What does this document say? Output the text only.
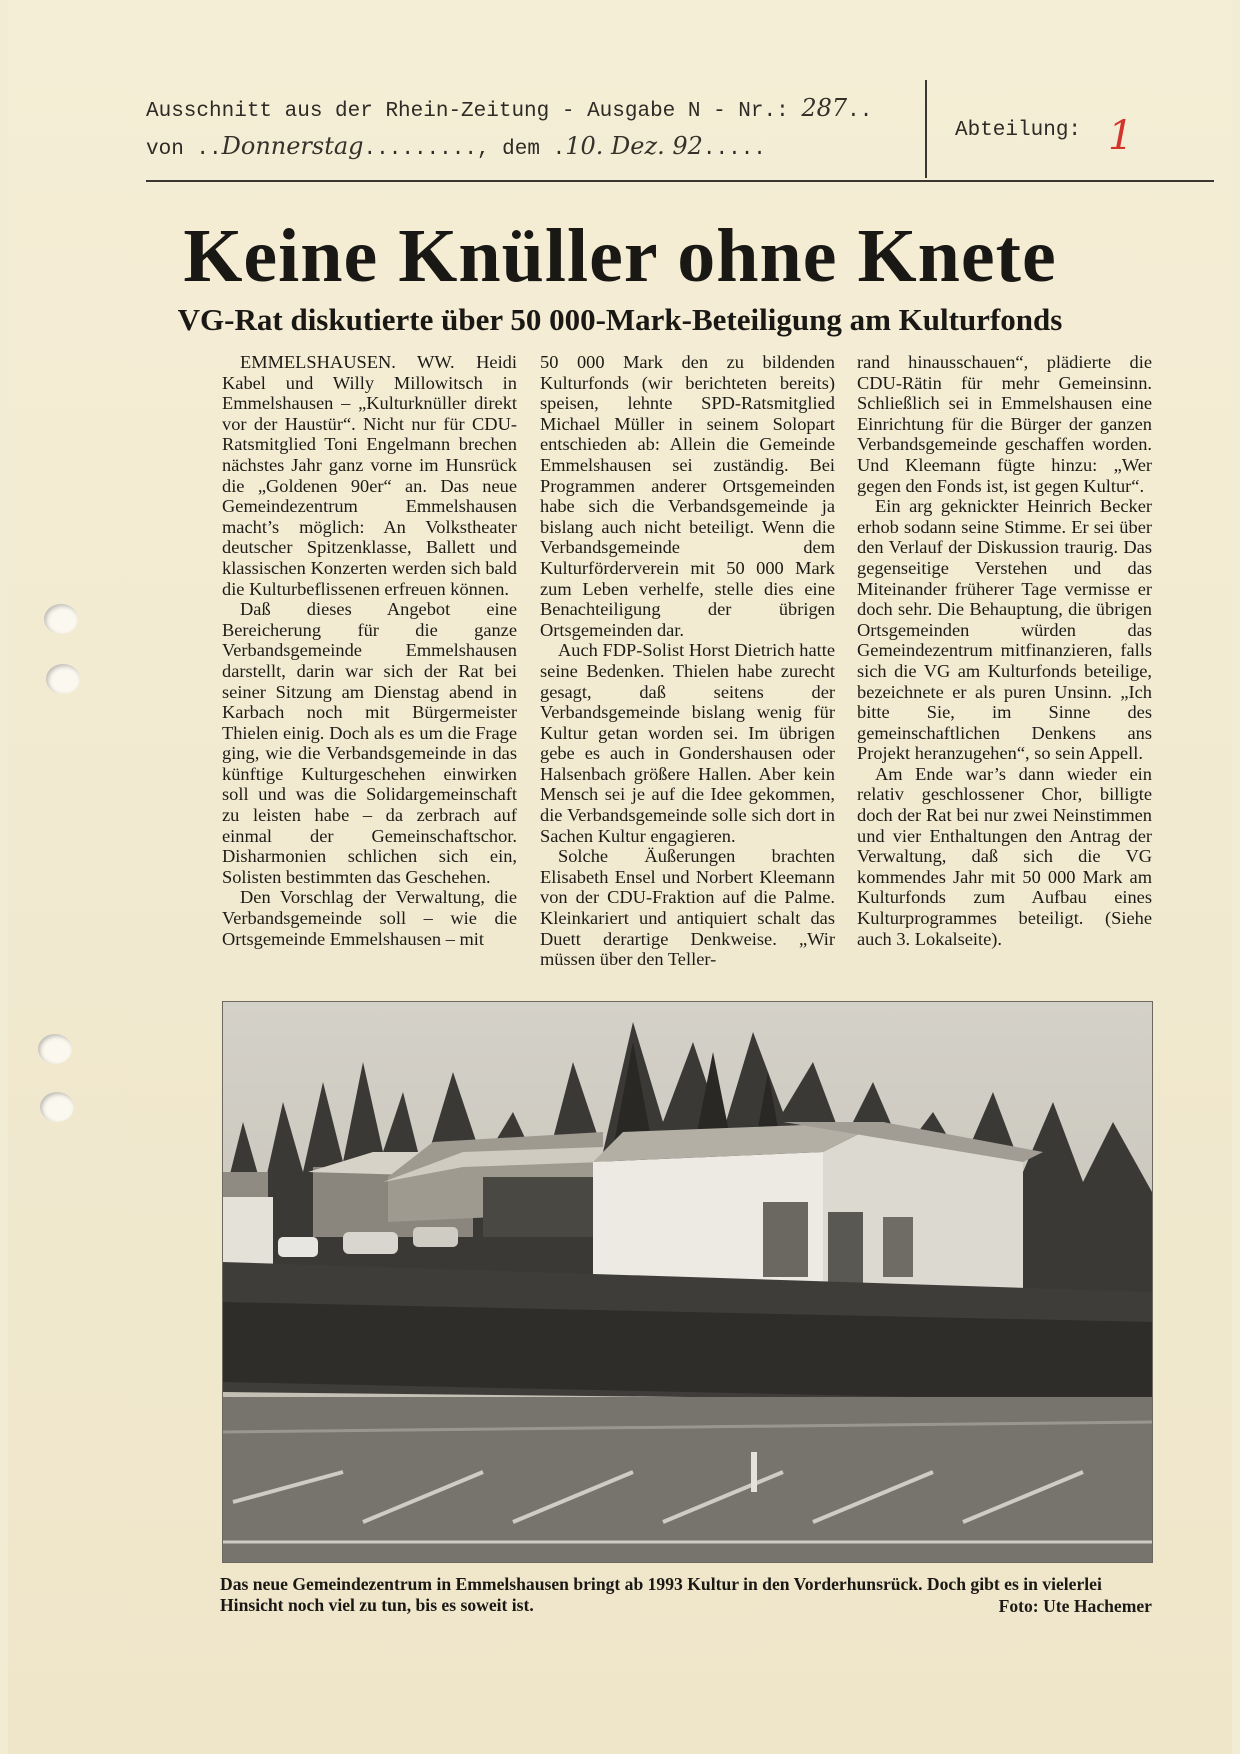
Ausschnitt aus der Rhein-Zeitung - Ausgabe N - Nr.: 287..
von ..Donnerstag........., dem .10. Dez. 92.....
Abteilung: 1
Keine Knüller ohne Knete
VG-Rat diskutierte über 50 000-Mark-Beteiligung am Kulturfonds

EMMELSHAUSEN. WW. Heidi Kabel und Willy Millowitsch in Emmelshausen – „Kulturknüller direkt vor der Haustür“. Nicht nur für CDU-Ratsmitglied Toni Engelmann brechen nächstes Jahr ganz vorne im Hunsrück die „Goldenen 90er“ an. Das neue Gemeindezentrum Emmelshausen macht’s möglich: An Volkstheater deutscher Spitzenklasse, Ballett und klassischen Konzerten werden sich bald die Kulturbeflissenen erfreuen können.

Daß dieses Angebot eine Bereicherung für die ganze Verbandsgemeinde Emmelshausen darstellt, darin war sich der Rat bei seiner Sitzung am Dienstag abend in Karbach noch mit Bürgermeister Thielen einig. Doch als es um die Frage ging, wie die Verbandsgemeinde in das künftige Kulturgeschehen einwirken soll und was die Solidargemeinschaft zu leisten habe – da zerbrach auf einmal der Gemeinschaftschor. Disharmonien schlichen sich ein, Solisten bestimmten das Geschehen.

Den Vorschlag der Verwaltung, die Verbandsgemeinde soll – wie die Ortsgemeinde Emmelshausen – mit

50 000 Mark den zu bildenden Kulturfonds (wir berichteten bereits) speisen, lehnte SPD-Ratsmitglied Michael Müller in seinem Solopart entschieden ab: Allein die Gemeinde Emmelshausen sei zuständig. Bei Programmen anderer Ortsgemeinden habe sich die Verbandsgemeinde ja bislang auch nicht beteiligt. Wenn die Verbandsgemeinde dem Kulturförderverein mit 50 000 Mark zum Leben verhelfe, stelle dies eine Benachteiligung der übrigen Ortsgemeinden dar.

Auch FDP-Solist Horst Dietrich hatte seine Bedenken. Thielen habe zurecht gesagt, daß seitens der Verbandsgemeinde bislang wenig für Kultur getan worden sei. Im übrigen gebe es auch in Gondershausen oder Halsenbach größere Hallen. Aber kein Mensch sei je auf die Idee gekommen, die Verbandsgemeinde solle sich dort in Sachen Kultur engagieren.

Solche Äußerungen brachten Elisabeth Ensel und Norbert Kleemann von der CDU-Fraktion auf die Palme. Kleinkariert und antiquiert schalt das Duett derartige Denkweise. „Wir müssen über den Teller-

rand hinausschauen“, plädierte die CDU-Rätin für mehr Gemeinsinn. Schließlich sei in Emmelshausen eine Einrichtung für die Bürger der ganzen Verbandsgemeinde geschaffen worden. Und Kleemann fügte hinzu: „Wer gegen den Fonds ist, ist gegen Kultur“.

Ein arg geknickter Heinrich Becker erhob sodann seine Stimme. Er sei über den Verlauf der Diskussion traurig. Das gegenseitige Verstehen und das Miteinander früherer Tage vermisse er doch sehr. Die Behauptung, die übrigen Ortsgemeinden würden das Gemeindezentrum mitfinanzieren, falls sich die VG am Kulturfonds beteilige, bezeichnete er als puren Unsinn. „Ich bitte Sie, im Sinne des gemeinschaftlichen Denkens ans Projekt heranzugehen“, so sein Appell.

Am Ende war’s dann wieder ein relativ geschlossener Chor, billigte doch der Rat bei nur zwei Neinstimmen und vier Enthaltungen den Antrag der Verwaltung, daß sich die VG kommendes Jahr mit 50 000 Mark am Kulturfonds zum Aufbau eines Kulturprogrammes beteiligt. (Siehe auch 3. Lokalseite).

Das neue Gemeindezentrum in Emmelshausen bringt ab 1993 Kultur in den Vorderhunsrück. Doch gibt es in vielerlei Hinsicht noch viel zu tun, bis es soweit ist.	Foto: Ute Hachemer
